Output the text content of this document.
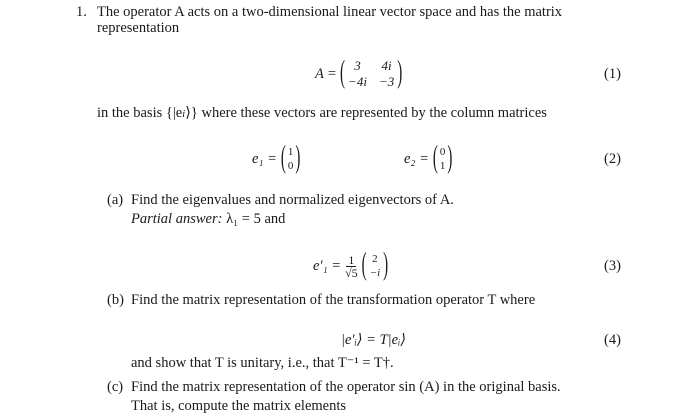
1. The operator A acts on a two-dimensional linear vector space and has the matrix
representation
A = ( 3	4i
−4i −3 )	(1)
in the basis {|ei⟩} where these vectors are represented by the column matrices
e₁ = ( 1
0 )	e₂ = ( 0
1 )	(2)
(a) Find the eigenvalues and normalized eigenvectors of A.
Partial answer: λ₁ = 5 and
$e'_1 = \frac{1}{√5}$ ( 2
−i )	(3)
(b) Find the matrix representation of the transformation operator T where
|e′ᵢ⟩ = T|eᵢ⟩	(4)
and show that T is unitary, i.e., that T⁻¹ = T†.
(c) Find the matrix representation of the operator sin (A) in the original basis.
That is, compute the matrix elements
